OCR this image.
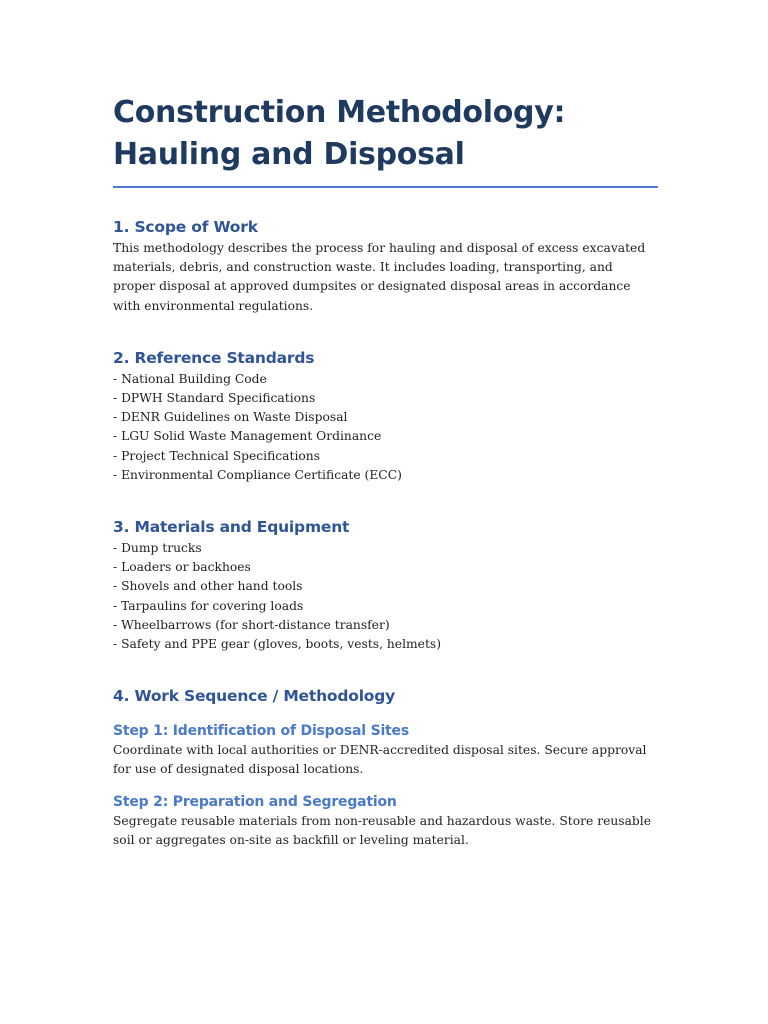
Construction Methodology: Hauling and Disposal
1. Scope of Work

This methodology describes the process for hauling and disposal of excess excavated materials, debris, and construction waste. It includes loading, transporting, and proper disposal at approved dumpsites or designated disposal areas in accordance with environmental regulations.

2. Reference Standards
- National Building Code
- DPWH Standard Specifications
- DENR Guidelines on Waste Disposal
- LGU Solid Waste Management Ordinance
- Project Technical Specifications
- Environmental Compliance Certificate (ECC)
3. Materials and Equipment
- Dump trucks
- Loaders or backhoes
- Shovels and other hand tools
- Tarpaulins for covering loads
- Wheelbarrows (for short-distance transfer)
- Safety and PPE gear (gloves, boots, vests, helmets)
4. Work Sequence / Methodology
Step 1: Identification of Disposal Sites

Coordinate with local authorities or DENR-accredited disposal sites. Secure approval for use of designated disposal locations.

Step 2: Preparation and Segregation

Segregate reusable materials from non-reusable and hazardous waste. Store reusable soil or aggregates on-site as backfill or leveling material.
